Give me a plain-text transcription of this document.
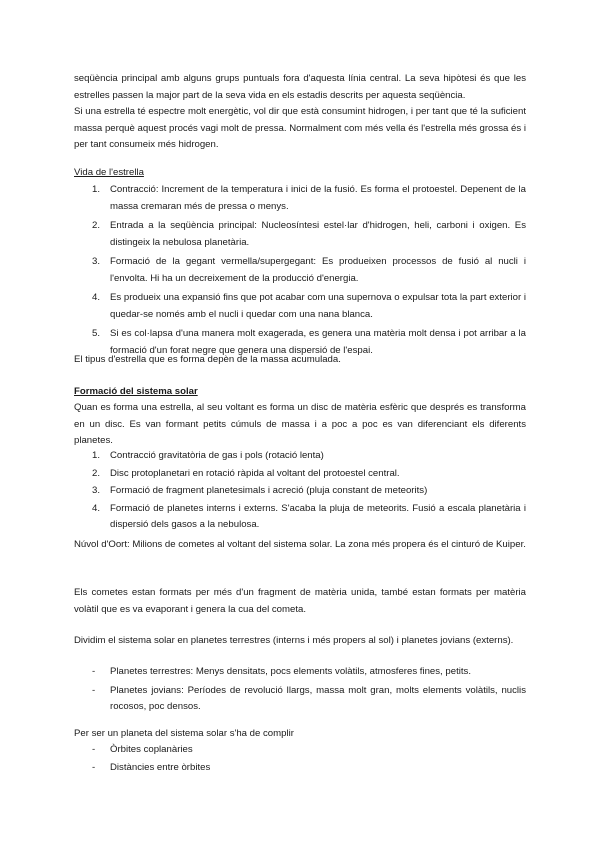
seqüència principal amb alguns grups puntuals fora d'aquesta línia central. La seva hipòtesi és que les estrelles passen la major part de la seva vida en els estadis descrits per aquesta seqüència.

Si una estrella té espectre molt energètic, vol dir que està consumint hidrogen, i per tant que té la suficient massa perquè aquest procés vagi molt de pressa. Normalment com més vella és l'estrella més grossa és i per tant consumeix més hidrogen.

Vida de l'estrella

1. Contracció: Increment de la temperatura i inici de la fusió. Es forma el protoestel. Depenent de la massa cremaran més de pressa o menys.
2. Entrada a la seqüència principal: Nucleosíntesi estel·lar d'hidrogen, heli, carboni i oxigen. Es distingeix la nebulosa planetària.
3. Formació de la gegant vermella/supergegant: Es produeixen processos de fusió al nucli i l'envolta. Hi ha un decreixement de la producció d'energia.
4. Es produeix una expansió fins que pot acabar com una supernova o expulsar tota la part exterior i quedar-se només amb el nucli i quedar com una nana blanca.
5. Si es col·lapsa d'una manera molt exagerada, es genera una matèria molt densa i pot arribar a la formació d'un forat negre que genera una dispersió de l'espai.

El tipus d'estrella que es forma depèn de la massa acumulada.

Formació del sistema solar

Quan es forma una estrella, al seu voltant es forma un disc de matèria esfèric que després es transforma en un disc. Es van formant petits cúmuls de massa i a poc a poc es van diferenciant els diferents planetes.

1. Contracció gravitatòria de gas i pols (rotació lenta)
2. Disc protoplanetari en rotació ràpida al voltant del protoestel central.
3. Formació de fragment planetesimals i acreció (pluja constant de meteorits)
4. Formació de planetes interns i externs. S'acaba la pluja de meteorits. Fusió a escala planetària i dispersió dels gasos a la nebulosa.

Núvol d'Oort: Milions de cometes al voltant del sistema solar. La zona més propera és el cinturó de Kuiper.

Els cometes estan formats per més d'un fragment de matèria unida, també estan formats per matèria volàtil que es va evaporant i genera la cua del cometa.

Dividim el sistema solar en planetes terrestres (interns i més propers al sol) i planetes jovians (externs).

- Planetes terrestres: Menys densitats, pocs elements volàtils, atmosferes fines, petits.
- Planetes jovians: Períodes de revolució llargs, massa molt gran, molts elements volàtils, nuclis rocosos, poc densos.

Per ser un planeta del sistema solar s'ha de complir

- Òrbites coplanàries
- Distàncies entre òrbites
